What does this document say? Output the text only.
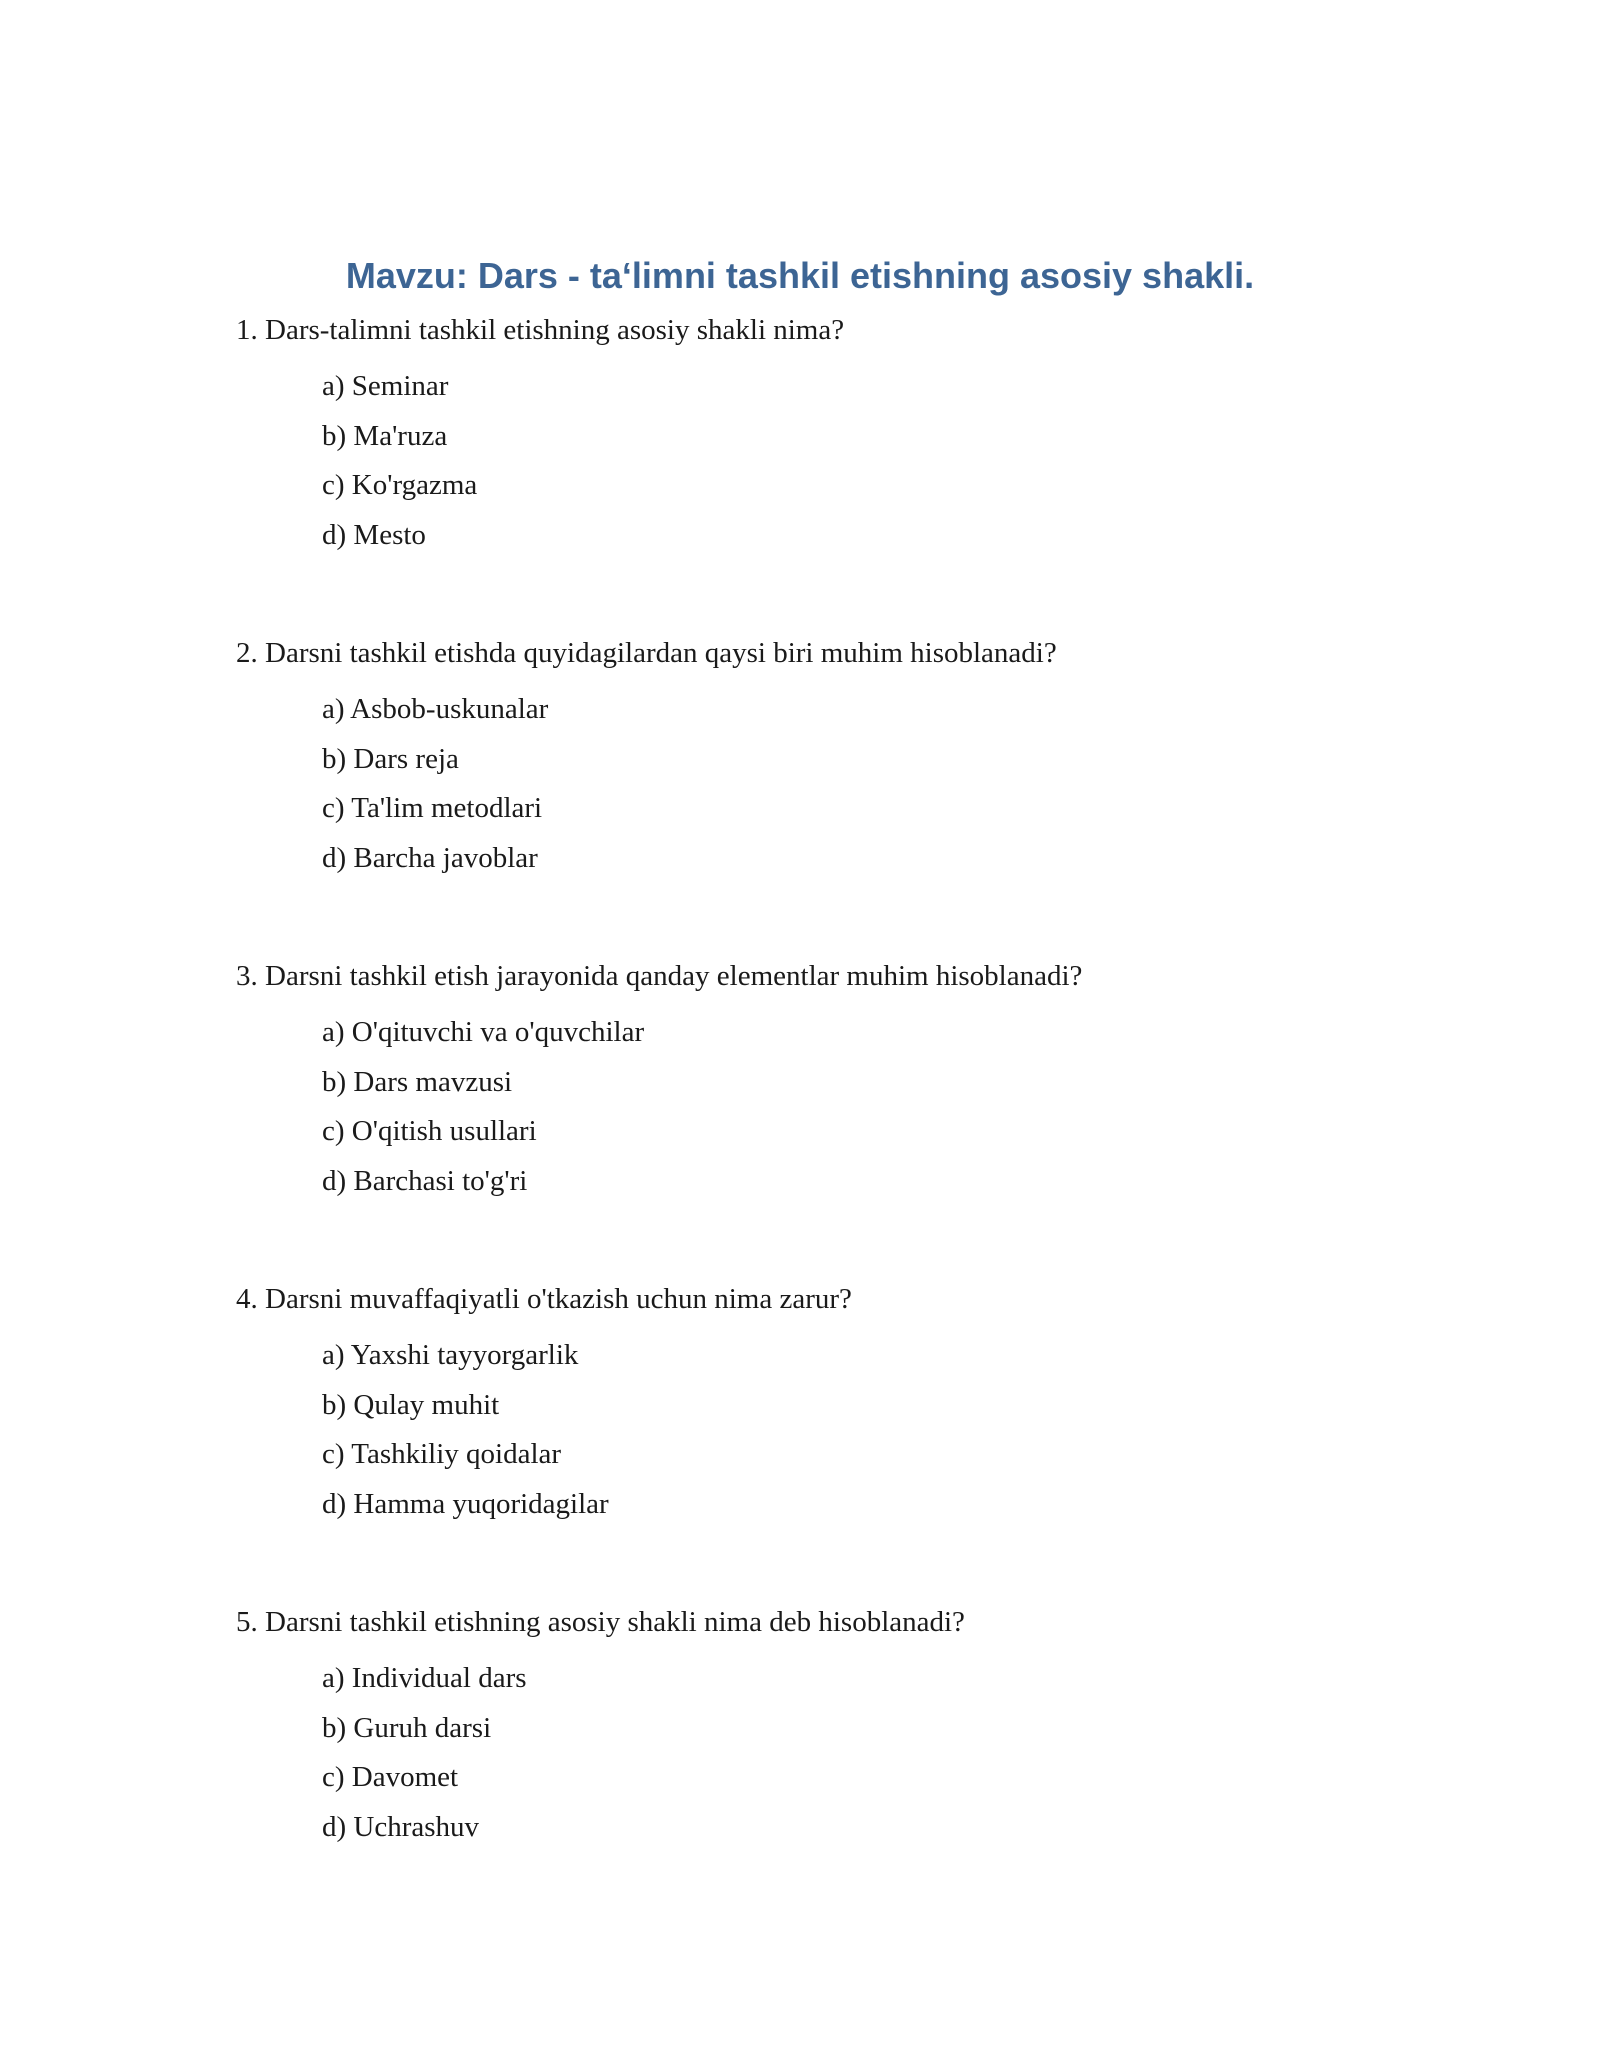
Mavzu: Dars - ta‘limni tashkil etishning asosiy shakli.
1. Dars-talimni tashkil etishning asosiy shakli nima?
a) Seminar
b) Ma'ruza
c) Ko'rgazma
d) Mesto
2. Darsni tashkil etishda quyidagilardan qaysi biri muhim hisoblanadi?
a) Asbob-uskunalar
b) Dars reja
c) Ta'lim metodlari
d) Barcha javoblar
3. Darsni tashkil etish jarayonida qanday elementlar muhim hisoblanadi?
a) O'qituvchi va o'quvchilar
b) Dars mavzusi
c) O'qitish usullari
d) Barchasi to'g'ri
4. Darsni muvaffaqiyatli o'tkazish uchun nima zarur?
a) Yaxshi tayyorgarlik
b) Qulay muhit
c) Tashkiliy qoidalar
d) Hamma yuqoridagilar
5. Darsni tashkil etishning asosiy shakli nima deb hisoblanadi?
a) Individual dars
b) Guruh darsi
c) Davomet
d) Uchrashuv
